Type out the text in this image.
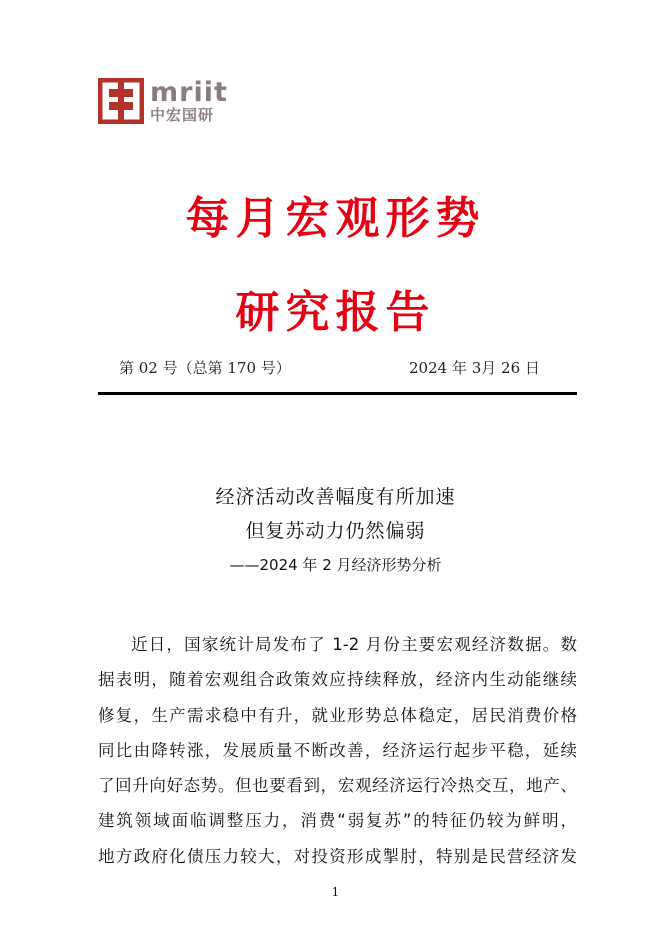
mriit
中宏国研
每月宏观形势
研究报告
第 02 号（总第 170 号）	2024 年 3月 26 日
经济活动改善幅度有所加速
但复苏动力仍然偏弱
——2024 年 2 月经济形势分析
近日，国家统计局发布了 1-2 月份主要宏观经济数据。数
据表明，随着宏观组合政策效应持续释放，经济内生动能继续
修复，生产需求稳中有升，就业形势总体稳定，居民消费价格
同比由降转涨，发展质量不断改善，经济运行起步平稳，延续
了回升向好态势。但也要看到，宏观经济运行冷热交互，地产、
建筑领域面临调整压力，消费“弱复苏”的特征仍较为鲜明，
地方政府化债压力较大，对投资形成掣肘，特别是民营经济发
1
